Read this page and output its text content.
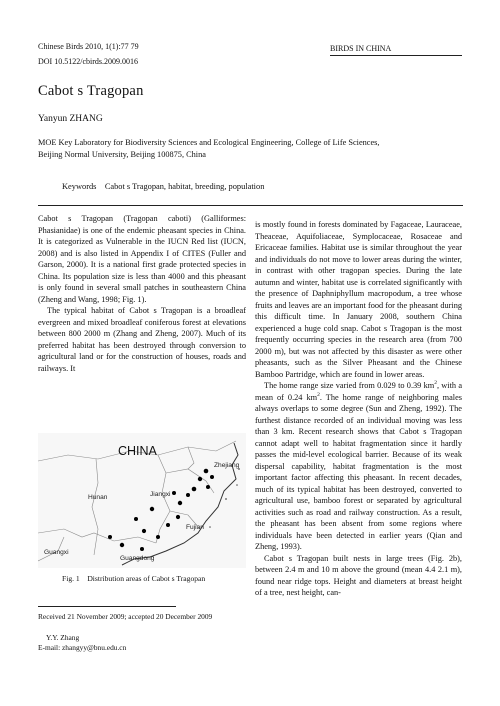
Chinese Birds 2010, 1(1):77 79
DOI 10.5122/cbirds.2009.0016
BIRDS IN CHINA
Cabot s Tragopan
Yanyun ZHANG
MOE Key Laboratory for Biodiversity Sciences and Ecological Engineering, College of Life Sciences,
Beijing Normal University, Beijing 100875, China
Keywords Cabot s Tragopan, habitat, breeding, population

Cabot s Tragopan (Tragopan caboti) (Galliformes: Phasianidae) is one of the endemic pheasant species in China. It is categorized as Vulnerable in the IUCN Red list (IUCN, 2008) and is also listed in Appendix I of CITES (Fuller and Garson, 2000). It is a national first grade protected species in China. Its population size is less than 4000 and this pheasant is only found in several small patches in southeastern China (Zheng and Wang, 1998; Fig. 1).

The typical habitat of Cabot s Tragopan is a broadleaf evergreen and mixed broadleaf coniferous forest at elevations between 800 2000 m (Zhang and Zheng, 2007). Much of its preferred habitat has been destroyed through conversion to agricultural land or for the construction of houses, roads and railways. It

CHINA
Zhejiang
Jiangxi
Hunan
Fujian
Guangxi
Guangdong
Fig. 1    Distribution areas of Cabot s Tragopan
Received 21 November 2009; accepted 20 December 2009
Y.Y. Zhang
E-mail: zhangyy@bnu.edu.cn

is mostly found in forests dominated by Fagaceae, Lauraceae, Theaceae, Aquifoliaceae, Symplocaceae, Rosaceae and Ericaceae families. Habitat use is similar throughout the year and individuals do not move to lower areas during the winter, in contrast with other tragopan species. During the late autumn and winter, habitat use is correlated significantly with the presence of Daphniphyllum macropodum, a tree whose fruits and leaves are an important food for the pheasant during this difficult time. In January 2008, southern China experienced a huge cold snap. Cabot s Tragopan is the most frequently occurring species in the research area (from 700 2000 m), but was not affected by this disaster as were other pheasants, such as the Silver Pheasant and the Chinese Bamboo Partridge, which are found in lower areas.

The home range size varied from 0.029 to 0.39 $km^2$, with a mean of 0.24 $km^2$. The home range of neighboring males always overlaps to some degree (Sun and Zheng, 1992). The furthest distance recorded of an individual moving was less than 3 km. Recent research shows that Cabot s Tragopan cannot adapt well to habitat fragmentation since it hardly passes the mid-level ecological barrier. Because of its weak dispersal capability, habitat fragmentation is the most important factor affecting this pheasant. In recent decades, much of its typical habitat has been destroyed, converted to agricultural use, bamboo forest or separated by agricultural activities such as road and railway construction. As a result, the pheasant has been absent from some regions where individuals have been detected in earlier years (Qian and Zheng, 1993).

Cabot s Tragopan built nests in large trees (Fig. 2b), between 2.4 m and 10 m above the ground (mean 4.4 2.1 m), found near ridge tops. Height and diameters at breast height of a tree, nest height, can-
